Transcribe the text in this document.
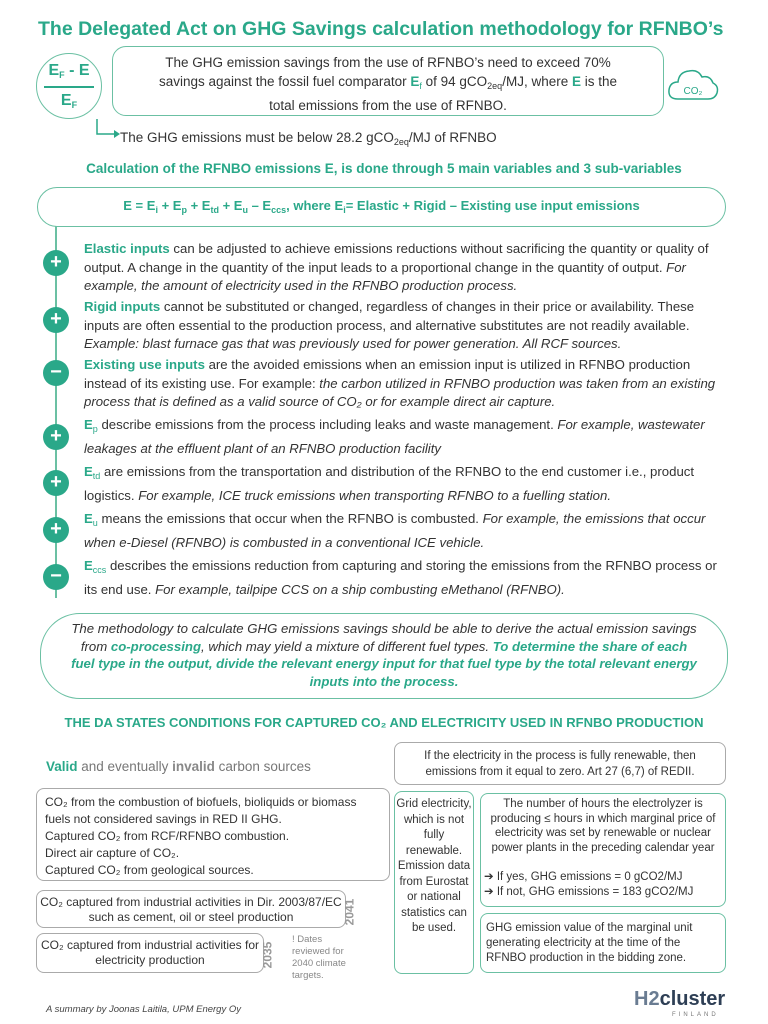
The Delegated Act on GHG Savings calculation methodology for RFNBO’s
$E_F$ - E
$E_F$
The GHG emission savings from the use of RFNBO’s need to exceed 70%
savings against the fossil fuel comparator $E_f$ of 94 gCO$_{2eq}$/MJ, where E is the
total emissions from the use of RFNBO.
CO₂
The GHG emissions must be below 28.2 gCO$_{2eq}$/MJ of RFNBO
Calculation of the RFNBO emissions E, is done through 5 main variables and 3 sub-variables
$E = E_i + E_p + E_{td} + E_u - E_{ccs}$, where $E_i=$ Elastic + Rigid – Existing use input emissions
+
Elastic inputs can be adjusted to achieve emissions reductions without sacrificing the quantity or quality of output. A change in the quantity of the input leads to a proportional change in the quantity of output. For example, the amount of electricity used in the RFNBO production process.
+
Rigid inputs cannot be substituted or changed, regardless of changes in their price or availability. These inputs are often essential to the production process, and alternative substitutes are not readily available. Example: blast furnace gas that was previously used for power generation. All RCF sources.
−	Existing use inputs are the avoided emissions when an emission input is utilized in RFNBO production instead of its existing use. For example: the carbon utilized in RFNBO production was taken from an existing process that is defined as a valid source of CO₂ or for example direct air capture.
+
$E_p$ describe emissions from the process including leaks and waste management. For example, wastewater leakages at the effluent plant of an RFNBO production facility
+	$E_{td}$ are emissions from the transportation and distribution of the RFNBO to the end customer i.e., product logistics. For example, ICE truck emissions when transporting RFNBO to a fuelling station.
+	$E_u$ means the emissions that occur when the RFNBO is combusted. For example, the emissions that occur when e-Diesel (RFNBO) is combusted in a conventional ICE vehicle.
−	$E_{ccs}$ describes the emissions reduction from capturing and storing the emissions from the RFNBO process or its end use. For example, tailpipe CCS on a ship combusting eMethanol (RFNBO).
The methodology to calculate GHG emissions savings should be able to derive the actual emission savings from co-processing, which may yield a mixture of different fuel types. To determine the share of each fuel type in the output, divide the relevant energy input for that fuel type by the total relevant energy inputs into the process.
THE DA STATES CONDITIONS FOR CAPTURED CO₂ AND ELECTRICITY USED IN RFNBO PRODUCTION
Valid and eventually invalid carbon sources
CO₂ from the combustion of biofuels, bioliquids or biomass fuels not considered savings in RED II GHG.
Captured CO₂ from RCF/RFNBO combustion.
Direct air capture of CO₂.
Captured CO₂ from geological sources.
CO₂ captured from industrial activities in Dir. 2003/87/EC such as cement, oil or steel production	2041
CO₂ captured from industrial activities for electricity production	2035
! Dates reviewed for 2040 climate targets.
If the electricity in the process is fully renewable, then emissions from it equal to zero. Art 27 (6,7) of REDII.
Grid electricity, which is not fully renewable. Emission data from Eurostat or national statistics can be used.
The number of hours the electrolyzer is producing ≤ hours in which marginal price of electricity was set by renewable or nuclear power plants in the preceding calendar year
➔ If yes, GHG emissions = 0 gCO2/MJ
➔ If not, GHG emissions = 183 gCO2/MJ
GHG emission value of the marginal unit generating electricity at the time of the RFNBO production in the bidding zone.
A summary by Joonas Laitila, UPM Energy Oy	H2cluster
FINLAND
